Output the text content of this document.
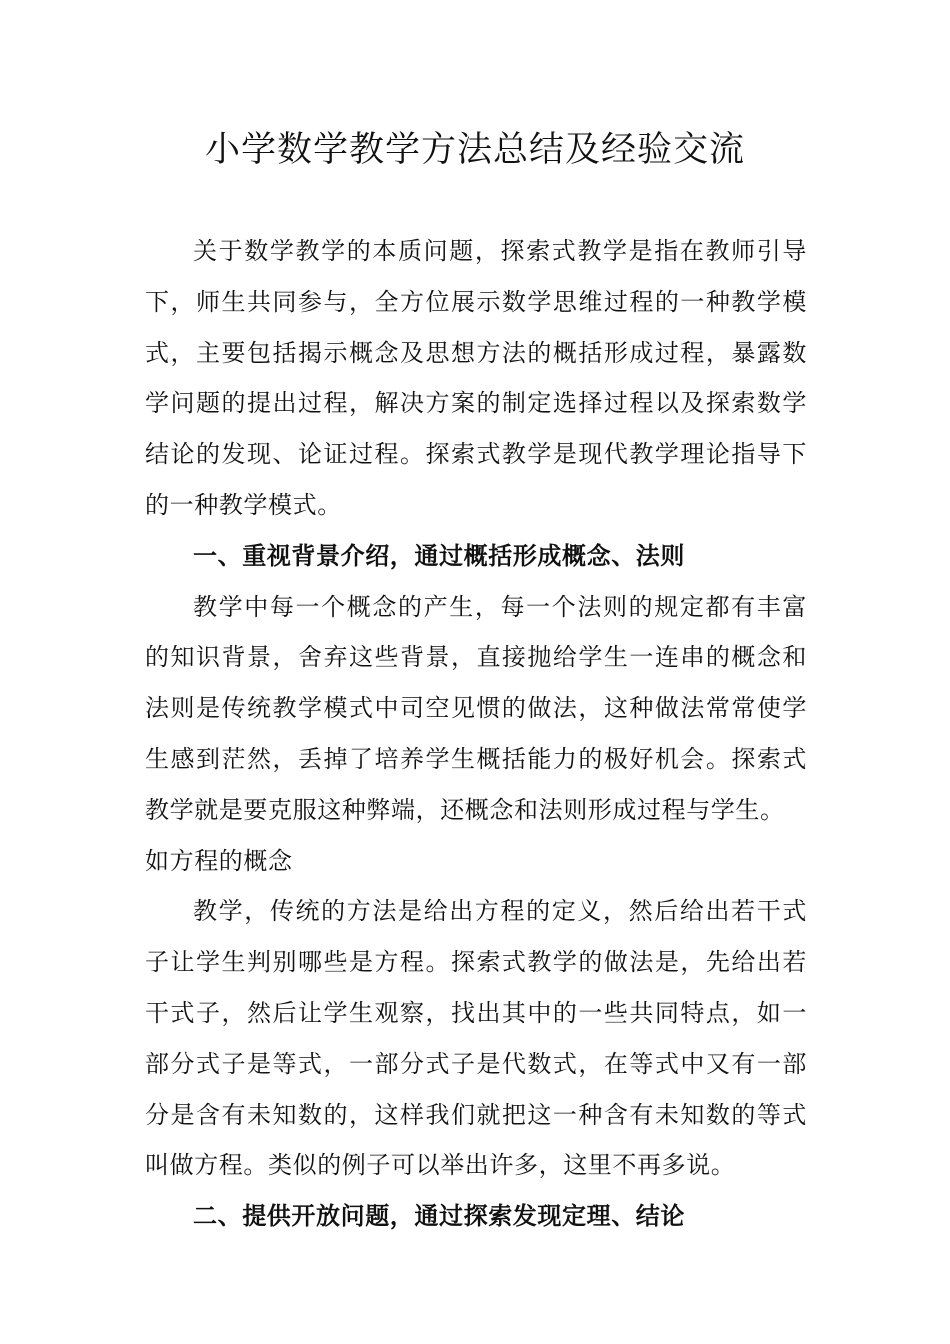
小学数学教学方法总结及经验交流

关于数学教学的本质问题，探索式教学是指在教师引导下，师生共同参与，全方位展示数学思维过程的一种教学模式，主要包括揭示概念及思想方法的概括形成过程，暴露数学问题的提出过程，解决方案的制定选择过程以及探索数学结论的发现、论证过程。探索式教学是现代教学理论指导下的一种教学模式。

一、重视背景介绍，通过概括形成概念、法则

教学中每一个概念的产生，每一个法则的规定都有丰富的知识背景，舍弃这些背景，直接抛给学生一连串的概念和法则是传统教学模式中司空见惯的做法，这种做法常常使学生感到茫然，丢掉了培养学生概括能力的极好机会。探索式教学就是要克服这种弊端，还概念和法则形成过程与学生。

如方程的概念

教学，传统的方法是给出方程的定义，然后给出若干式子让学生判别哪些是方程。探索式教学的做法是，先给出若干式子，然后让学生观察，找出其中的一些共同特点，如一部分式子是等式，一部分式子是代数式，在等式中又有一部分是含有未知数的，这样我们就把这一种含有未知数的等式叫做方程。类似的例子可以举出许多，这里不再多说。

二、提供开放问题，通过探索发现定理、结论
